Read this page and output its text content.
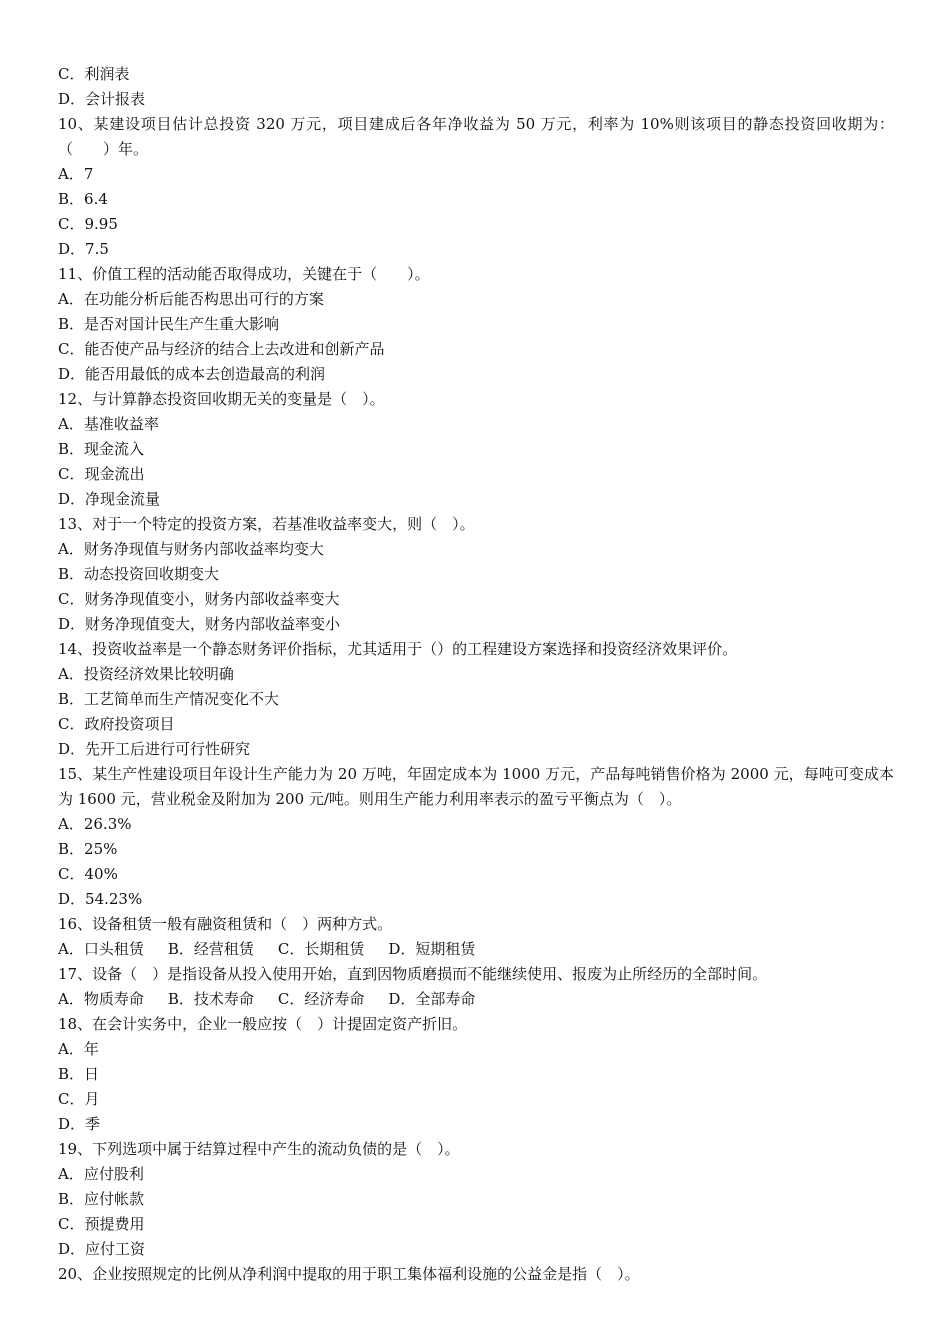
C．利润表
D．会计报表
10、某建设项目估计总投资 320 万元，项目建成后各年净收益为 50 万元，利率为 10%则该项目的静态投资回收期为：（　　）年。
A．7
B．6.4
C．9.95
D．7.5
11、价值工程的活动能否取得成功，关键在于（　　）。
A．在功能分析后能否构思出可行的方案
B．是否对国计民生产生重大影响
C．能否使产品与经济的结合上去改进和创新产品
D．能否用最低的成本去创造最高的利润
12、与计算静态投资回收期无关的变量是（　）。
A．基准收益率
B．现金流入
C．现金流出
D．净现金流量
13、对于一个特定的投资方案，若基准收益率变大，则（　）。
A．财务净现值与财务内部收益率均变大
B．动态投资回收期变大
C．财务净现值变小，财务内部收益率变大
D．财务净现值变大，财务内部收益率变小
14、投资收益率是一个静态财务评价指标，尤其适用于（）的工程建设方案选择和投资经济效果评价。
A．投资经济效果比较明确
B．工艺简单而生产情况变化不大
C．政府投资项目
D．先开工后进行可行性研究
15、某生产性建设项目年设计生产能力为 20 万吨，年固定成本为 1000 万元，产品每吨销售价格为 2000 元，每吨可变成本为 1600 元，营业税金及附加为 200 元/吨。则用生产能力利用率表示的盈亏平衡点为（　）。
A．26.3%
B．25%
C．40%
D．54.23%
16、设备租赁一般有融资租赁和（　）两种方式。
A．口头租赁 B．经营租赁 C．长期租赁 D．短期租赁
17、设备（　）是指设备从投入使用开始，直到因物质磨损而不能继续使用、报废为止所经历的全部时间。
A．物质寿命 B．技术寿命 C．经济寿命 D．全部寿命
18、在会计实务中，企业一般应按（　）计提固定资产折旧。
A．年
B．日
C．月
D．季
19、下列选项中属于结算过程中产生的流动负债的是（　）。
A．应付股利
B．应付帐款
C．预提费用
D．应付工资
20、企业按照规定的比例从净利润中提取的用于职工集体福利设施的公益金是指（　）。
